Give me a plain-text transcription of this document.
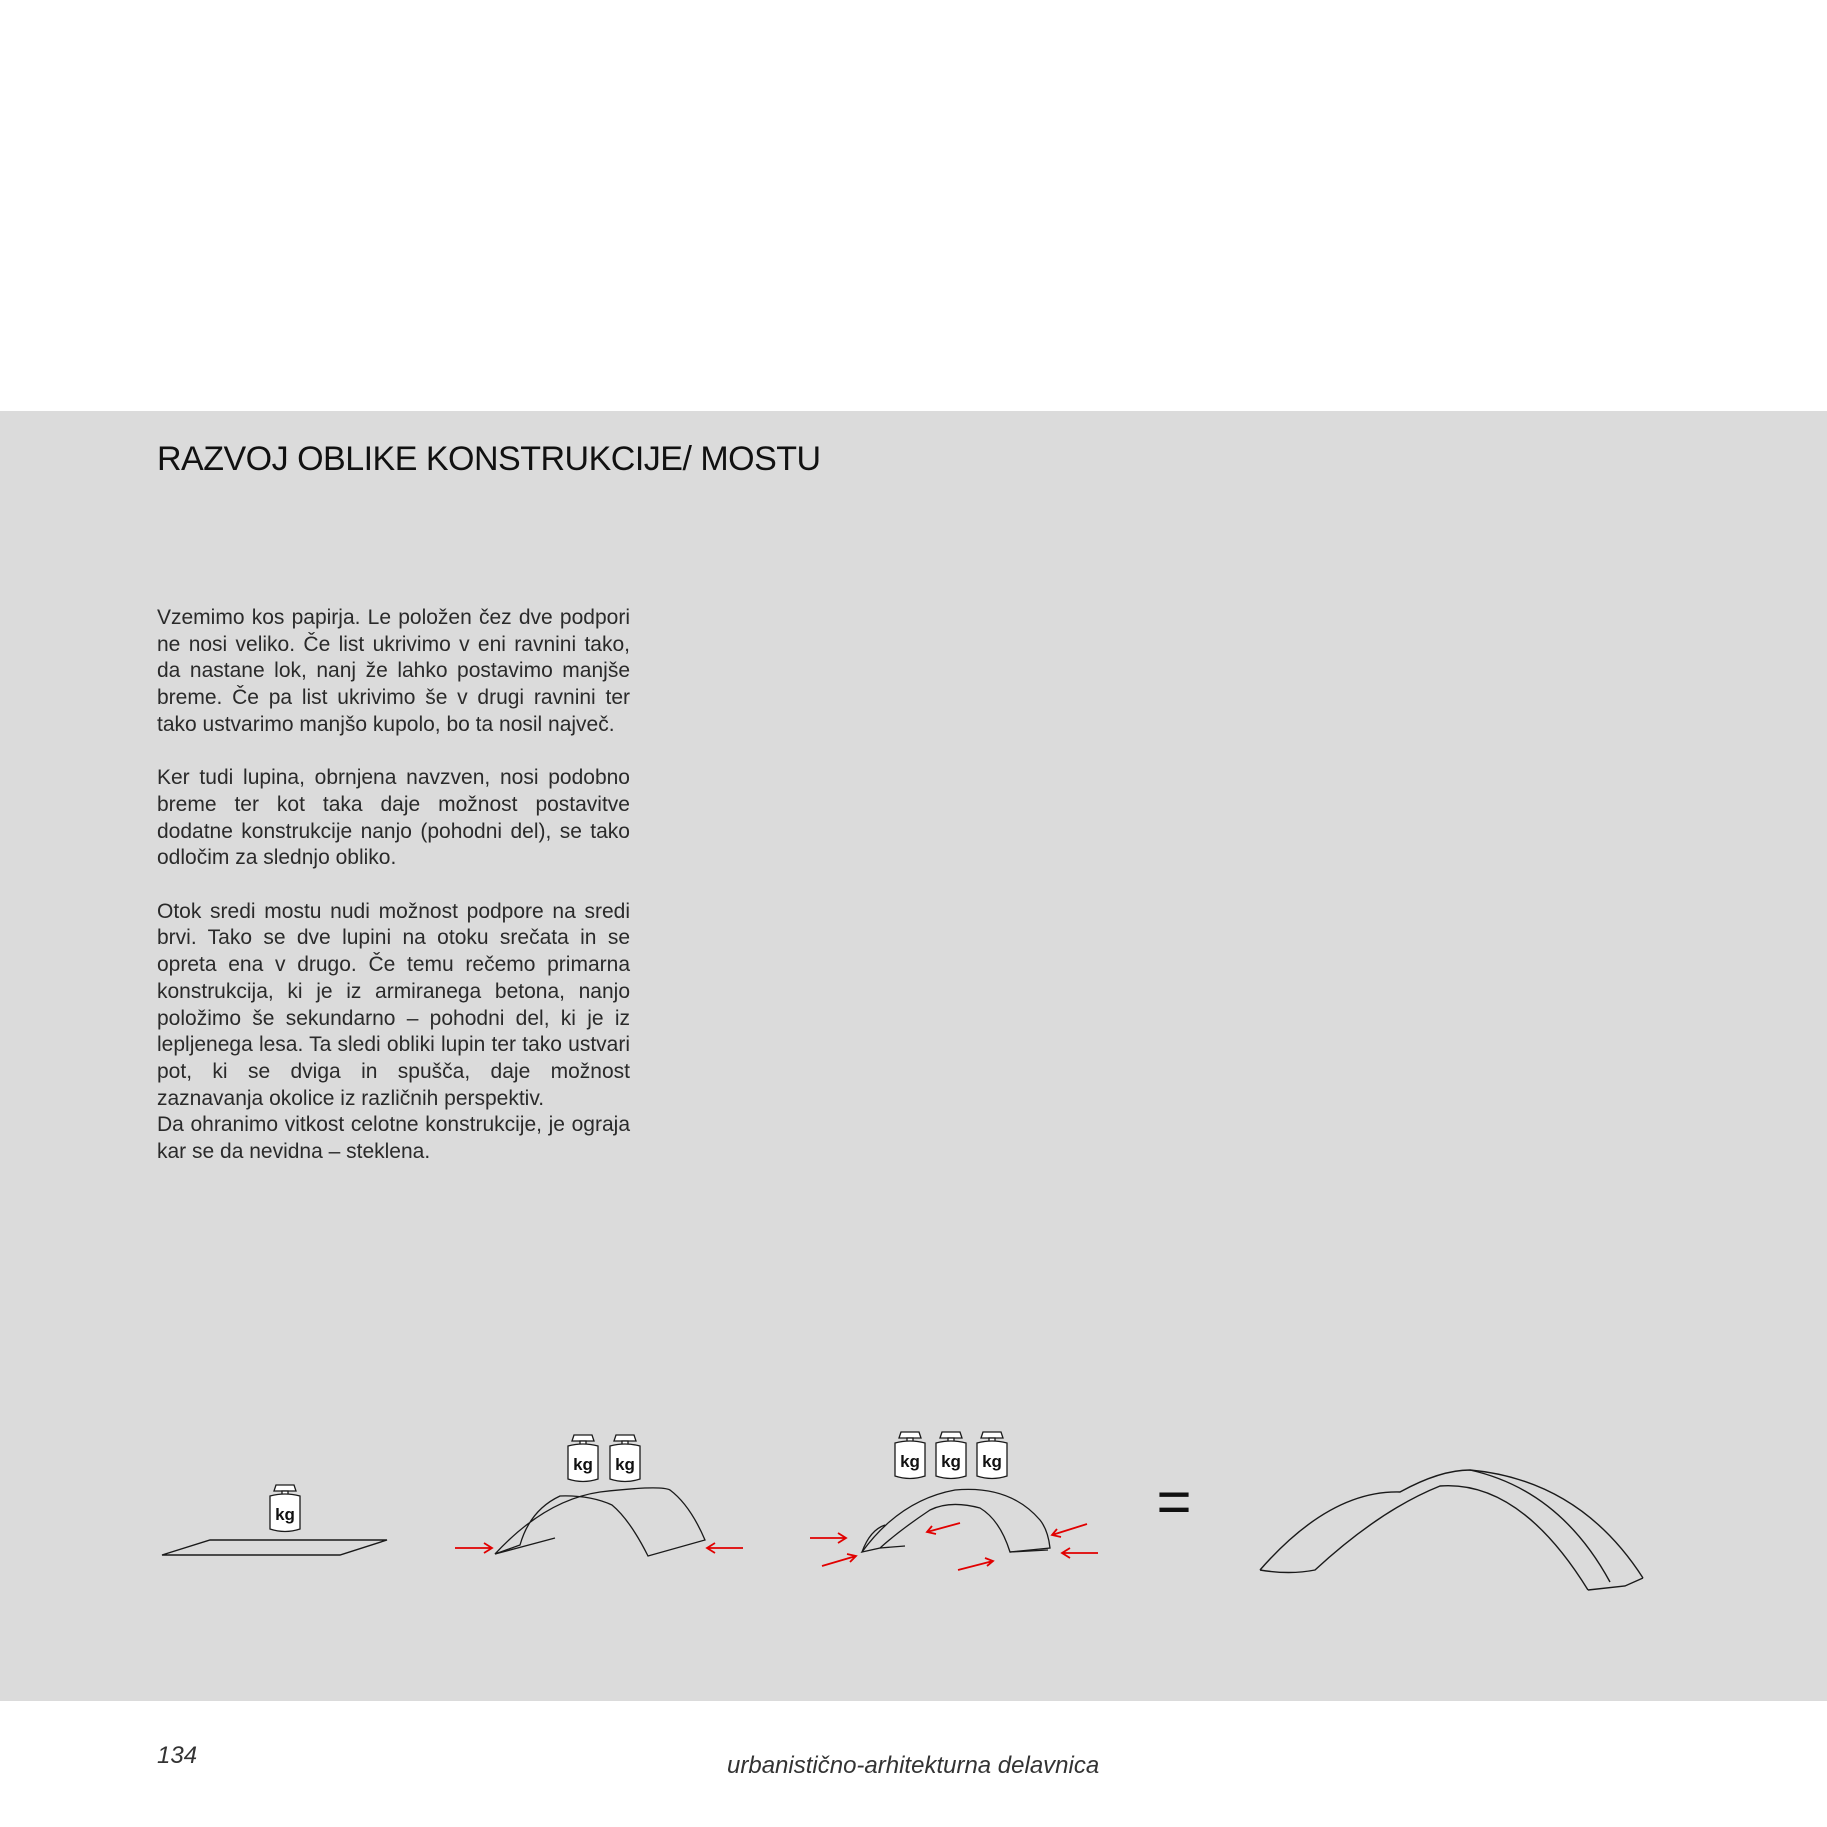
RAZVOJ OBLIKE KONSTRUKCIJE/ MOSTU

Vzemimo kos papirja. Le položen čez dve podpori ne nosi veliko. Če list ukrivimo v eni ravnini tako, da nastane lok, nanj že lahko postavimo manjše breme. Če pa list ukrivimo še v drugi ravnini ter tako ustvarimo manjšo kupolo, bo ta nosil največ.

Ker tudi lupina, obrnjena navzven, nosi podobno breme ter kot taka daje možnost postavitve dodatne konstrukcije nanjo (pohodni del), se tako odločim za slednjo obliko.

Otok sredi mostu nudi možnost podpore na sredi brvi. Tako se dve lupini na otoku srečata in se opreta ena v drugo. Če temu rečemo primarna konstrukcija, ki je iz armiranega betona, nanjo položimo še sekundarno – pohodni del, ki je iz lepljenega lesa. Ta sledi obliki lupin ter tako ustvari pot, ki se dviga in spušča, daje možnost zaznavanja okolice iz različnih perspektiv.

Da ohranimo vitkost celotne konstrukcije, je ograja kar se da nevidna – steklena.

kg
kg kg	kg kg kg
=
134	urbanistično-arhitekturna delavnica
